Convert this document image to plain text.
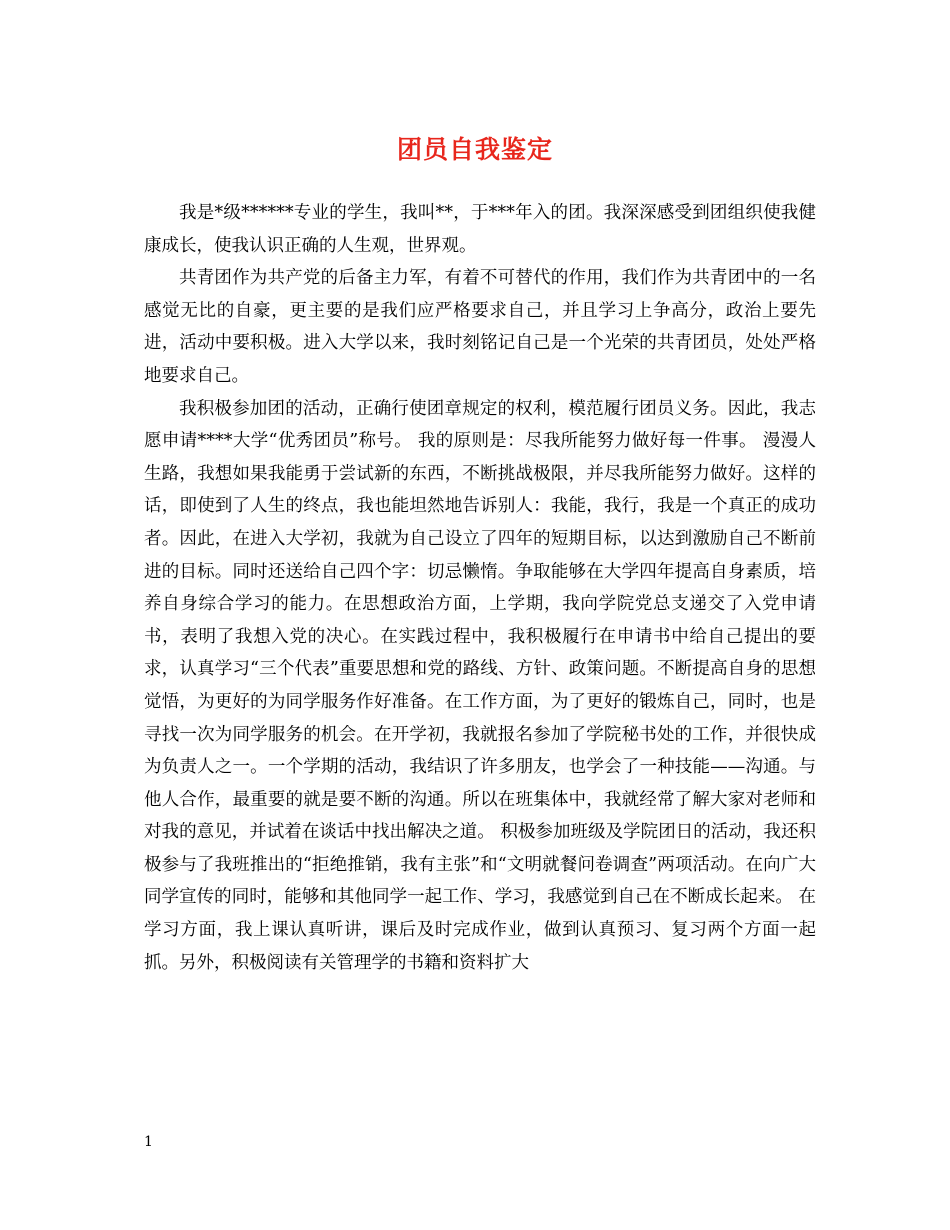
团员自我鉴定

我是*级******专业的学生，我叫**，于***年入的团。我深深感受到团组织使我健康成长，使我认识正确的人生观，世界观。

共青团作为共产党的后备主力军，有着不可替代的作用，我们作为共青团中的一名感觉无比的自豪，更主要的是我们应严格要求自己，并且学习上争高分，政治上要先进，活动中要积极。进入大学以来，我时刻铭记自己是一个光荣的共青团员，处处严格地要求自己。

我积极参加团的活动，正确行使团章规定的权利，模范履行团员义务。因此，我志愿申请****大学“优秀团员”称号。 我的原则是：尽我所能努力做好每一件事。 漫漫人生路，我想如果我能勇于尝试新的东西，不断挑战极限，并尽我所能努力做好。这样的话，即使到了人生的终点，我也能坦然地告诉别人：我能，我行，我是一个真正的成功者。因此，在进入大学初，我就为自己设立了四年的短期目标，以达到激励自己不断前进的目标。同时还送给自己四个字：切忌懒惰。争取能够在大学四年提高自身素质，培养自身综合学习的能力。在思想政治方面，上学期，我向学院党总支递交了入党申请书，表明了我想入党的决心。在实践过程中，我积极履行在申请书中给自己提出的要求，认真学习“三个代表”重要思想和党的路线、方针、政策问题。不断提高自身的思想觉悟，为更好的为同学服务作好准备。在工作方面，为了更好的锻炼自己，同时，也是寻找一次为同学服务的机会。在开学初，我就报名参加了学院秘书处的工作，并很快成为负责人之一。一个学期的活动，我结识了许多朋友，也学会了一种技能——沟通。与他人合作，最重要的就是要不断的沟通。所以在班集体中，我就经常了解大家对老师和对我的意见，并试着在谈话中找出解决之道。 积极参加班级及学院团日的活动，我还积极参与了我班推出的“拒绝推销，我有主张”和“文明就餐问卷调查”两项活动。在向广大同学宣传的同时，能够和其他同学一起工作、学习，我感觉到自己在不断成长起来。 在学习方面，我上课认真听讲，课后及时完成作业，做到认真预习、复习两个方面一起抓。另外，积极阅读有关管理学的书籍和资料扩大

1
